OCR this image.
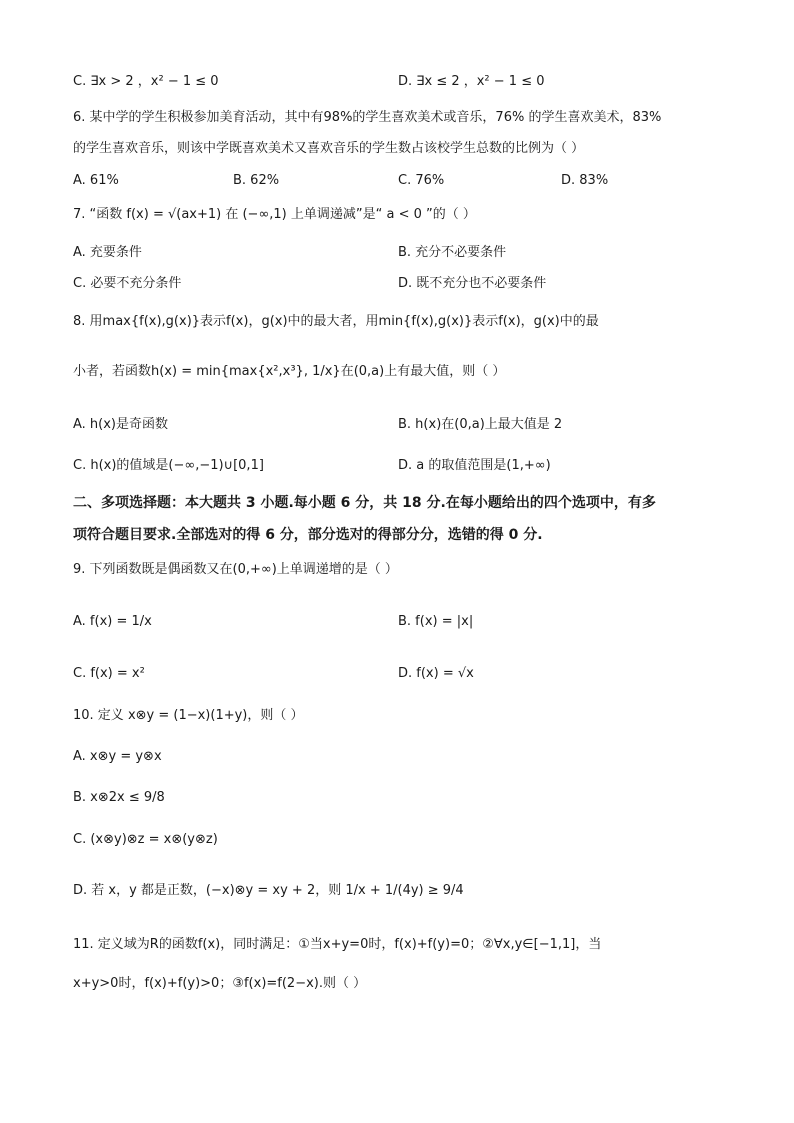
C. ∃x > 2 ，x² − 1 ≤ 0	D. ∃x ≤ 2 ，x² − 1 ≤ 0
6. 某中学的学生积极参加美育活动，其中有98%的学生喜欢美术或音乐，76% 的学生喜欢美术，83%
的学生喜欢音乐，则该中学既喜欢美术又喜欢音乐的学生数占该校学生总数的比例为（ ）
A. 61%	B. 62%	C. 76%	D. 83%
7. “函数 f(x) = √(ax+1) 在 (−∞,1) 上单调递减”是“ a < 0 ”的（ ）
A. 充要条件	B. 充分不必要条件
C. 必要不充分条件	D. 既不充分也不必要条件
8. 用max{f(x),g(x)}表示f(x)，g(x)中的最大者，用min{f(x),g(x)}表示f(x)，g(x)中的最
小者，若函数h(x) = min{max{x²,x³}, 1/x}在(0,a)上有最大值，则（ ）
A. h(x)是奇函数	B. h(x)在(0,a)上最大值是 2
C. h(x)的值域是(−∞,−1)∪[0,1]	D. a 的取值范围是(1,+∞)
二、多项选择题：本大题共 3 小题.每小题 6 分，共 18 分.在每小题给出的四个选项中，有多
项符合题目要求.全部选对的得 6 分，部分选对的得部分分，选错的得 0 分.
9. 下列函数既是偶函数又在(0,+∞)上单调递增的是（ ）
A. f(x) = 1/x	B. f(x) = |x|
C. f(x) = x²	D. f(x) = √x
10. 定义 x⊗y = (1−x)(1+y)，则（ ）
A. x⊗y = y⊗x
B. x⊗2x ≤ 9/8
C. (x⊗y)⊗z = x⊗(y⊗z)
D. 若 x，y 都是正数，(−x)⊗y = xy + 2，则 1/x + 1/(4y) ≥ 9/4
11. 定义域为R的函数f(x)，同时满足：①当x+y=0时，f(x)+f(y)=0；②∀x,y∈[−1,1]，当
x+y>0时，f(x)+f(y)>0；③f(x)=f(2−x).则（ ）
